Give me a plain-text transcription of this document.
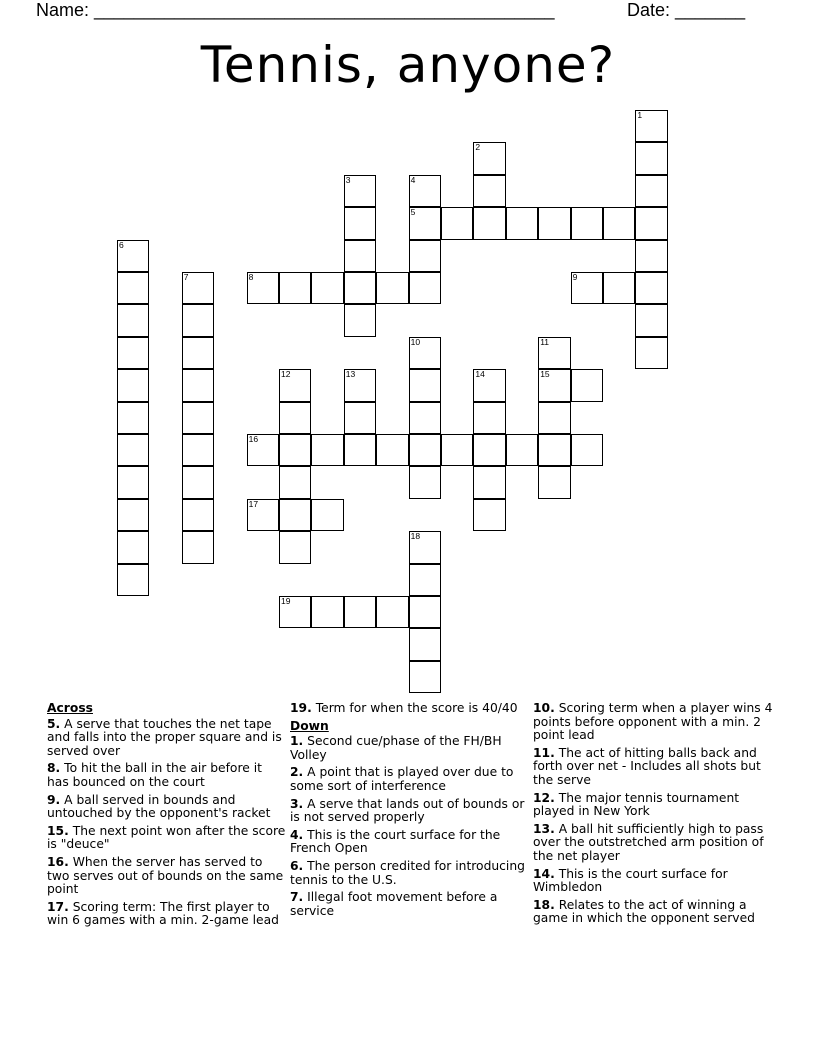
Name: ______________________________________________	Date: _______
Tennis, anyone?
1
2
3	4
5
6
7	8	9
10	11
15
12	13	14
16
17
18
19
Across
5. A serve that touches the net tape and falls into the proper square and is served over
8. To hit the ball in the air before it has bounced on the court
9. A ball served in bounds and untouched by the opponent's racket
15. The next point won after the score is "deuce"
16. When the server has served to two serves out of bounds on the same point
17. Scoring term: The first player to win 6 games with a min. 2-game lead
19. Term for when the score is 40/40
Down
1. Second cue/phase of the FH/BH Volley
2. A point that is played over due to some sort of interference
3. A serve that lands out of bounds or is not served properly
4. This is the court surface for the French Open
6. The person credited for introducing tennis to the U.S.
7. Illegal foot movement before a service
10. Scoring term when a player wins 4 points before opponent with a min. 2 point lead
11. The act of hitting balls back and forth over net - Includes all shots but the serve
12. The major tennis tournament played in New York
13. A ball hit sufficiently high to pass over the outstretched arm position of the net player
14. This is the court surface for Wimbledon
18. Relates to the act of winning a game in which the opponent served
